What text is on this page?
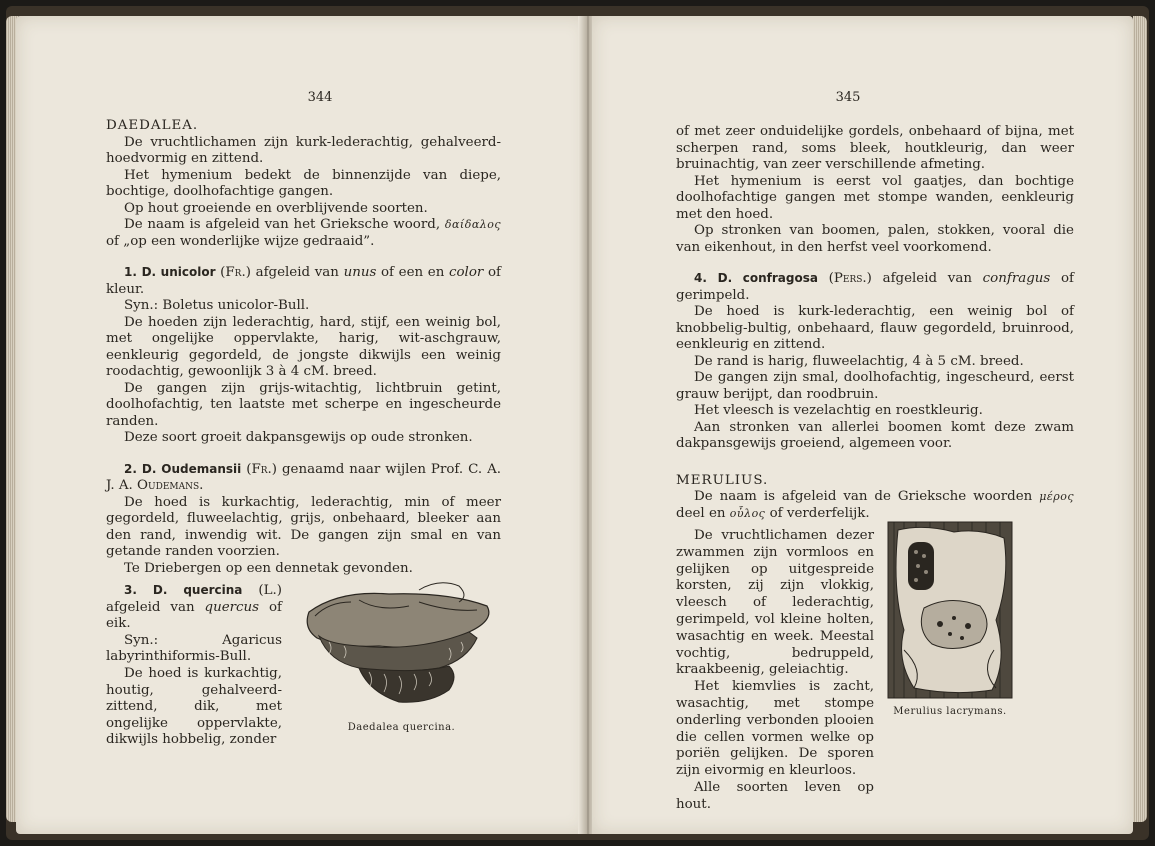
344

DAEDALEA.

De vruchtlichamen zijn kurk-lederachtig, gehalveerd-hoedvormig en zittend.

Het hymenium bedekt de binnenzijde van diepe, bochtige, doolhofachtige gangen.

Op hout groeiende en overblijvende soorten.

De naam is afgeleid van het Grieksche woord, δαίδαλος of „op een wonderlijke wijze gedraaid”.

1. D. unicolor (Fr.) afgeleid van unus of een en color of kleur.

Syn.: Boletus unicolor-Bull.

De hoeden zijn lederachtig, hard, stijf, een weinig bol, met ongelijke oppervlakte, harig, wit-aschgrauw, eenkleurig gegordeld, de jongste dikwijls een weinig roodachtig, gewoonlijk 3 à 4 cM. breed.

De gangen zijn grijs-witachtig, lichtbruin getint, doolhofachtig, ten laatste met scherpe en ingescheurde randen.

Deze soort groeit dakpansgewijs op oude stronken.

2. D. Oudemansii (Fr.) genaamd naar wijlen Prof. C. A. J. A. Oudemans.

De hoed is kurkachtig, lederachtig, min of meer gegordeld, fluweelachtig, grijs, onbehaard, bleeker aan den rand, inwendig wit. De gangen zijn smal en van getande randen voorzien.

Te Driebergen op een dennetak gevonden.

3. D. quercina (L.) afgeleid van quercus of eik.

Syn.: Agaricus labyrinthiformis-Bull.

De hoed is kurkachtig, houtig, gehalveerd-zittend, dik, met ongelijke oppervlakte, dikwijls hobbelig, zonder

Daedalea quercina.
345

of met zeer onduidelijke gordels, onbehaard of bijna, met scherpen rand, soms bleek, houtkleurig, dan weer bruinachtig, van zeer verschillende afmeting.

Het hymenium is eerst vol gaatjes, dan bochtige doolhofachtige gangen met stompe wanden, eenkleurig met den hoed.

Op stronken van boomen, palen, stokken, vooral die van eikenhout, in den herfst veel voorkomend.

4. D. confragosa (Pers.) afgeleid van confragus of gerimpeld.

De hoed is kurk-lederachtig, een weinig bol of knobbelig-bultig, onbehaard, flauw gegordeld, bruinrood, eenkleurig en zittend.

De rand is harig, fluweelachtig, 4 à 5 cM. breed.

De gangen zijn smal, doolhofachtig, ingescheurd, eerst grauw berijpt, dan roodbruin.

Het vleesch is vezelachtig en roestkleurig.

Aan stronken van allerlei boomen komt deze zwam dakpansgewijs groeiend, algemeen voor.

MERULIUS.

De naam is afgeleid van de Grieksche woorden μέρος deel en οὖλος of verderfelijk.

De vruchtlichamen dezer zwammen zijn vormloos en gelijken op uitgespreide korsten, zij zijn vlokkig, vleesch of lederachtig, gerimpeld, vol kleine holten, wasachtig en week. Meestal vochtig, bedruppeld, kraakbeenig, geleiachtig.

Het kiemvlies is zacht, wasachtig, met stompe onderling verbonden plooien die cellen vormen welke op poriën gelijken. De sporen zijn eivormig en kleurloos.

Alle soorten leven op hout.

Merulius lacrymans.
